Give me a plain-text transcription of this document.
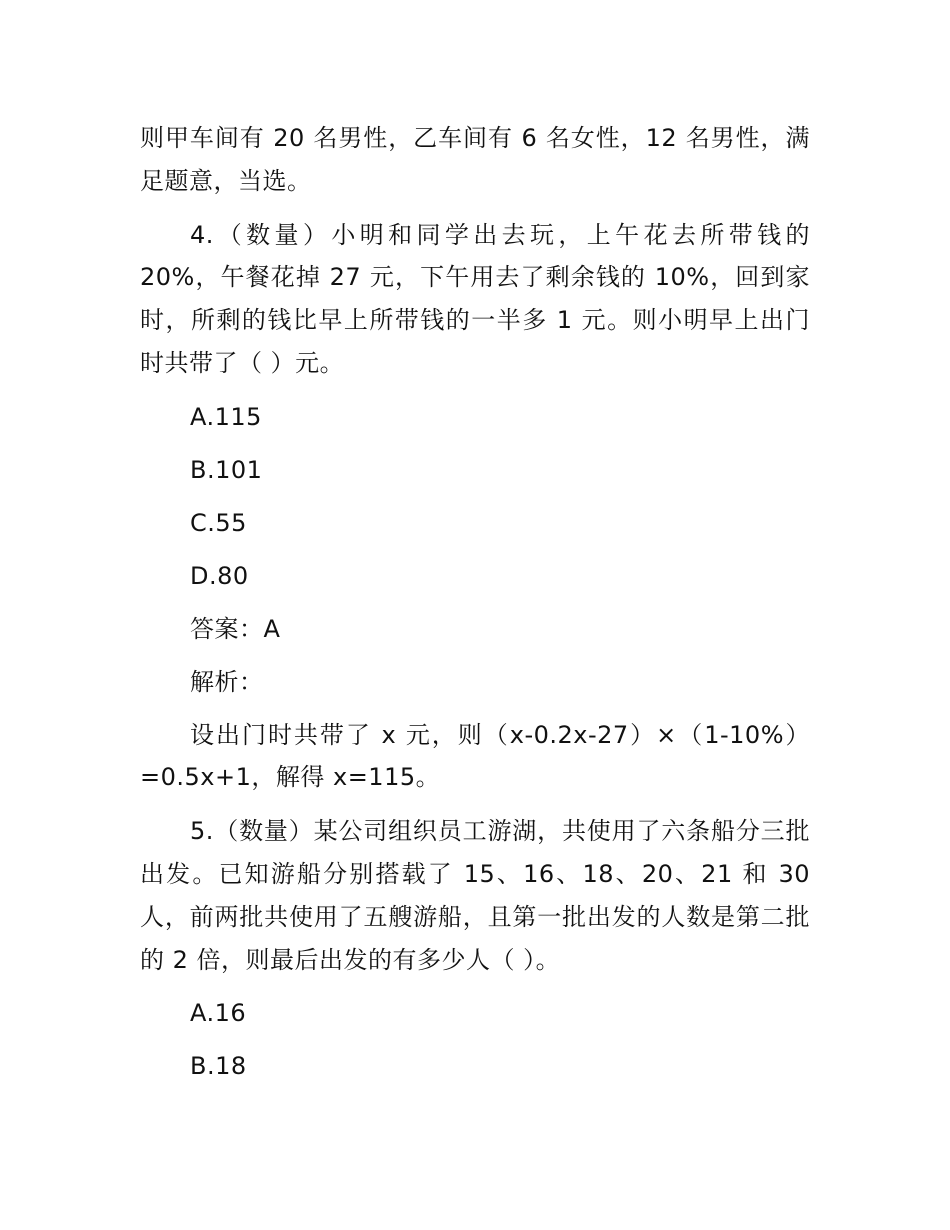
则甲车间有 20 名男性，乙车间有 6 名女性，12 名男性，满
足题意，当选。
4.（数量）小明和同学出去玩，上午花去所带钱的
20%，午餐花掉 27 元，下午用去了剩余钱的 10%，回到家
时，所剩的钱比早上所带钱的一半多 1 元。则小明早上出门
时共带了（ ）元。
A.115
B.101
C.55
D.80
答案：A
解析：
设出门时共带了 x 元，则（x-0.2x-27）×（1-10%）
=0.5x+1，解得 x=115。
5.（数量）某公司组织员工游湖，共使用了六条船分三批
出发。已知游船分别搭载了 15、16、18、20、21 和 30
人，前两批共使用了五艘游船，且第一批出发的人数是第二批
的 2 倍，则最后出发的有多少人（ ）。
A.16
B.18
